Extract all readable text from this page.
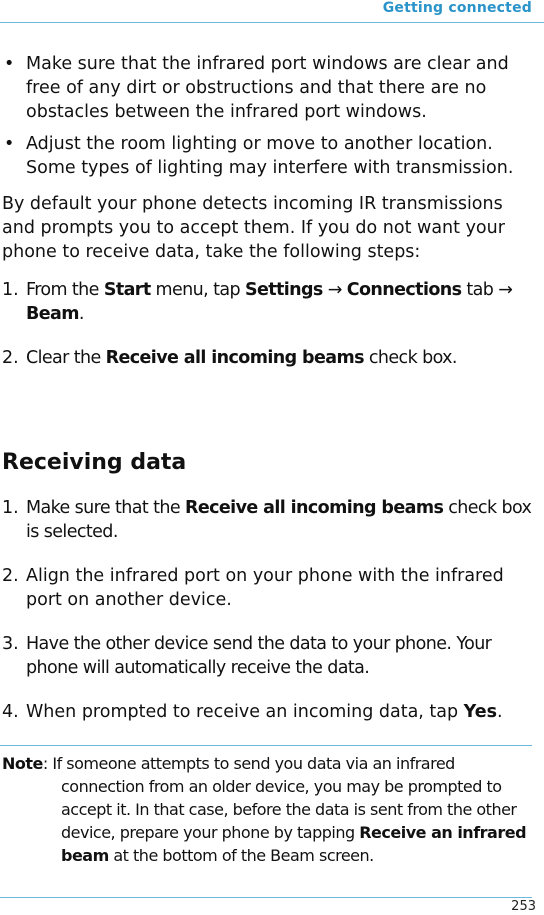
Getting connected
• Make sure that the infrared port windows are clear and free of any dirt or obstructions and that there are no obstacles between the infrared port windows.
• Adjust the room lighting or move to another location. Some types of lighting may interfere with transmission.

By default your phone detects incoming IR transmissions and prompts you to accept them. If you do not want your phone to receive data, take the following steps:

1. From the Start menu, tap Settings → Connections tab → Beam.
2. Clear the Receive all incoming beams check box.
Receiving data
1. Make sure that the Receive all incoming beams check box is selected.
2. Align the infrared port on your phone with the infrared port on another device.
3. Have the other device send the data to your phone. Your phone will automatically receive the data.
4. When prompted to receive an incoming data, tap Yes.
Note: If someone attempts to send you data via an infrared connection from an older device, you may be prompted to accept it. In that case, before the data is sent from the other device, prepare your phone by tapping Receive an infrared beam at the bottom of the Beam screen.
253
